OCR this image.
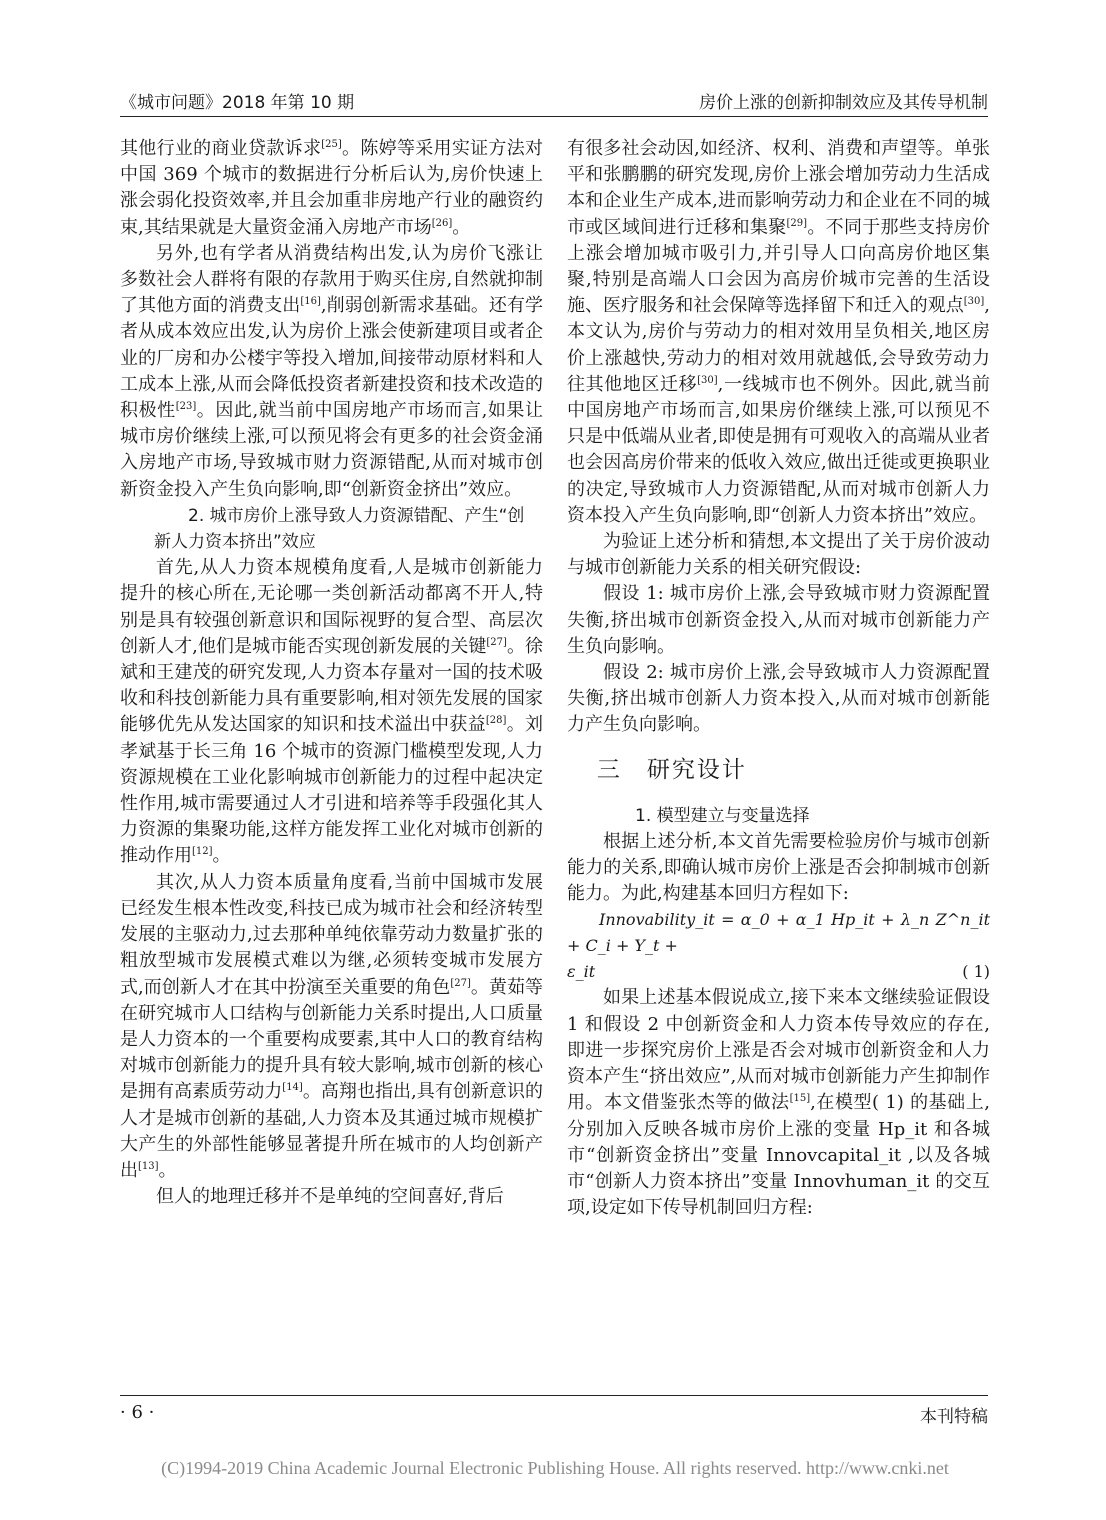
《城市问题》2018 年第 10 期	房价上涨的创新抑制效应及其传导机制

其他行业的商业贷款诉求[25]。陈婷等采用实证方法对中国 369 个城市的数据进行分析后认为,房价快速上涨会弱化投资效率,并且会加重非房地产行业的融资约束,其结果就是大量资金涌入房地产市场[26]。

另外,也有学者从消费结构出发,认为房价飞涨让多数社会人群将有限的存款用于购买住房,自然就抑制了其他方面的消费支出[16],削弱创新需求基础。还有学者从成本效应出发,认为房价上涨会使新建项目或者企业的厂房和办公楼宇等投入增加,间接带动原材料和人工成本上涨,从而会降低投资者新建投资和技术改造的积极性[23]。因此,就当前中国房地产市场而言,如果让城市房价继续上涨,可以预见将会有更多的社会资金涌入房地产市场,导致城市财力资源错配,从而对城市创新资金投入产生负向影响,即“创新资金挤出”效应。

2. 城市房价上涨导致人力资源错配、产生“创

新人力资本挤出”效应

首先,从人力资本规模角度看,人是城市创新能力提升的核心所在,无论哪一类创新活动都离不开人,特别是具有较强创新意识和国际视野的复合型、高层次创新人才,他们是城市能否实现创新发展的关键[27]。徐斌和王建茂的研究发现,人力资本存量对一国的技术吸收和科技创新能力具有重要影响,相对领先发展的国家能够优先从发达国家的知识和技术溢出中获益[28]。刘孝斌基于长三角 16 个城市的资源门槛模型发现,人力资源规模在工业化影响城市创新能力的过程中起决定性作用,城市需要通过人才引进和培养等手段强化其人力资源的集聚功能,这样方能发挥工业化对城市创新的推动作用[12]。

其次,从人力资本质量角度看,当前中国城市发展已经发生根本性改变,科技已成为城市社会和经济转型发展的主驱动力,过去那种单纯依靠劳动力数量扩张的粗放型城市发展模式难以为继,必须转变城市发展方式,而创新人才在其中扮演至关重要的角色[27]。黄茹等在研究城市人口结构与创新能力关系时提出,人口质量是人力资本的一个重要构成要素,其中人口的教育结构对城市创新能力的提升具有较大影响,城市创新的核心是拥有高素质劳动力[14]。高翔也指出,具有创新意识的人才是城市创新的基础,人力资本及其通过城市规模扩大产生的外部性能够显著提升所在城市的人均创新产出[13]。

但人的地理迁移并不是单纯的空间喜好,背后

有很多社会动因,如经济、权利、消费和声望等。单张平和张鹏鹏的研究发现,房价上涨会增加劳动力生活成本和企业生产成本,进而影响劳动力和企业在不同的城市或区域间进行迁移和集聚[29]。不同于那些支持房价上涨会增加城市吸引力,并引导人口向高房价地区集聚,特别是高端人口会因为高房价城市完善的生活设施、医疗服务和社会保障等选择留下和迁入的观点[30],本文认为,房价与劳动力的相对效用呈负相关,地区房价上涨越快,劳动力的相对效用就越低,会导致劳动力往其他地区迁移[30],一线城市也不例外。因此,就当前中国房地产市场而言,如果房价继续上涨,可以预见不只是中低端从业者,即使是拥有可观收入的高端从业者也会因高房价带来的低收入效应,做出迁徙或更换职业的决定,导致城市人力资源错配,从而对城市创新人力资本投入产生负向影响,即“创新人力资本挤出”效应。

为验证上述分析和猜想,本文提出了关于房价波动与城市创新能力关系的相关研究假设:

假设 1: 城市房价上涨,会导致城市财力资源配置失衡,挤出城市创新资金投入,从而对城市创新能力产生负向影响。

假设 2: 城市房价上涨,会导致城市人力资源配置失衡,挤出城市创新人力资本投入,从而对城市创新能力产生负向影响。

三　研究设计

1. 模型建立与变量选择

根据上述分析,本文首先需要检验房价与城市创新能力的关系,即确认城市房价上涨是否会抑制城市创新能力。为此,构建基本回归方程如下:

Innovability_it = α_0 + α_1 Hp_it + λ_n Z^n_it + C_i + Y_t +
ε_it	( 1)

如果上述基本假说成立,接下来本文继续验证假设 1 和假设 2 中创新资金和人力资本传导效应的存在,即进一步探究房价上涨是否会对城市创新资金和人力资本产生“挤出效应”,从而对城市创新能力产生抑制作用。本文借鉴张杰等的做法[15],在模型( 1) 的基础上,分别加入反映各城市房价上涨的变量 Hp_it 和各城市“创新资金挤出”变量 Innovcapital_it ,以及各城市“创新人力资本挤出”变量 Innovhuman_it 的交互项,设定如下传导机制回归方程:

· 6 ·	本刊特稿
(C)1994-2019 China Academic Journal Electronic Publishing House. All rights reserved. http://www.cnki.net
